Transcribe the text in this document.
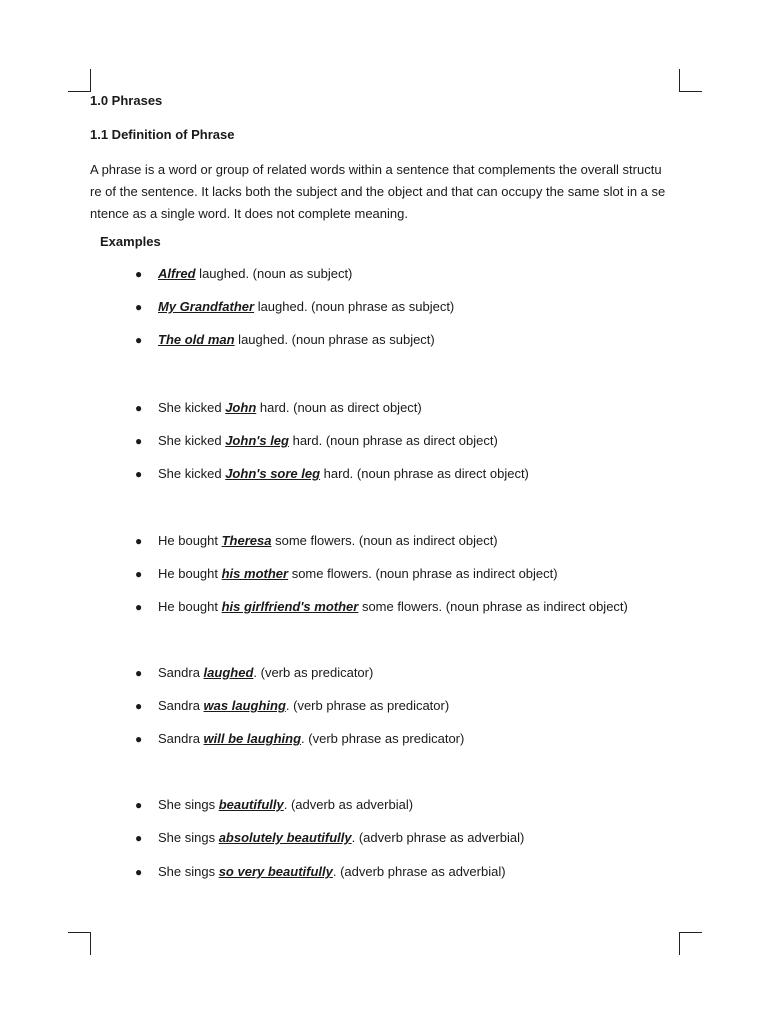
1.0 Phrases
1.1 Definition of Phrase

A phrase is a word or group of related words within a sentence that complements the overall structu
re of the sentence. It lacks both the subject and the object and that can occupy the same slot in a se
ntence as a single word. It does not complete meaning.

Examples
● Alfred laughed. (noun as subject)
● My Grandfather laughed. (noun phrase as subject)
● The old man laughed. (noun phrase as subject)
● She kicked John hard. (noun as direct object)
● She kicked John's leg hard. (noun phrase as direct object)
● She kicked John's sore leg hard. (noun phrase as direct object)
● He bought Theresa some flowers. (noun as indirect object)
● He bought his mother some flowers. (noun phrase as indirect object)
● He bought his girlfriend's mother some flowers. (noun phrase as indirect object)
● Sandra laughed. (verb as predicator)
● Sandra was laughing. (verb phrase as predicator)
● Sandra will be laughing. (verb phrase as predicator)
● She sings beautifully. (adverb as adverbial)
● She sings absolutely beautifully. (adverb phrase as adverbial)
● She sings so very beautifully. (adverb phrase as adverbial)
